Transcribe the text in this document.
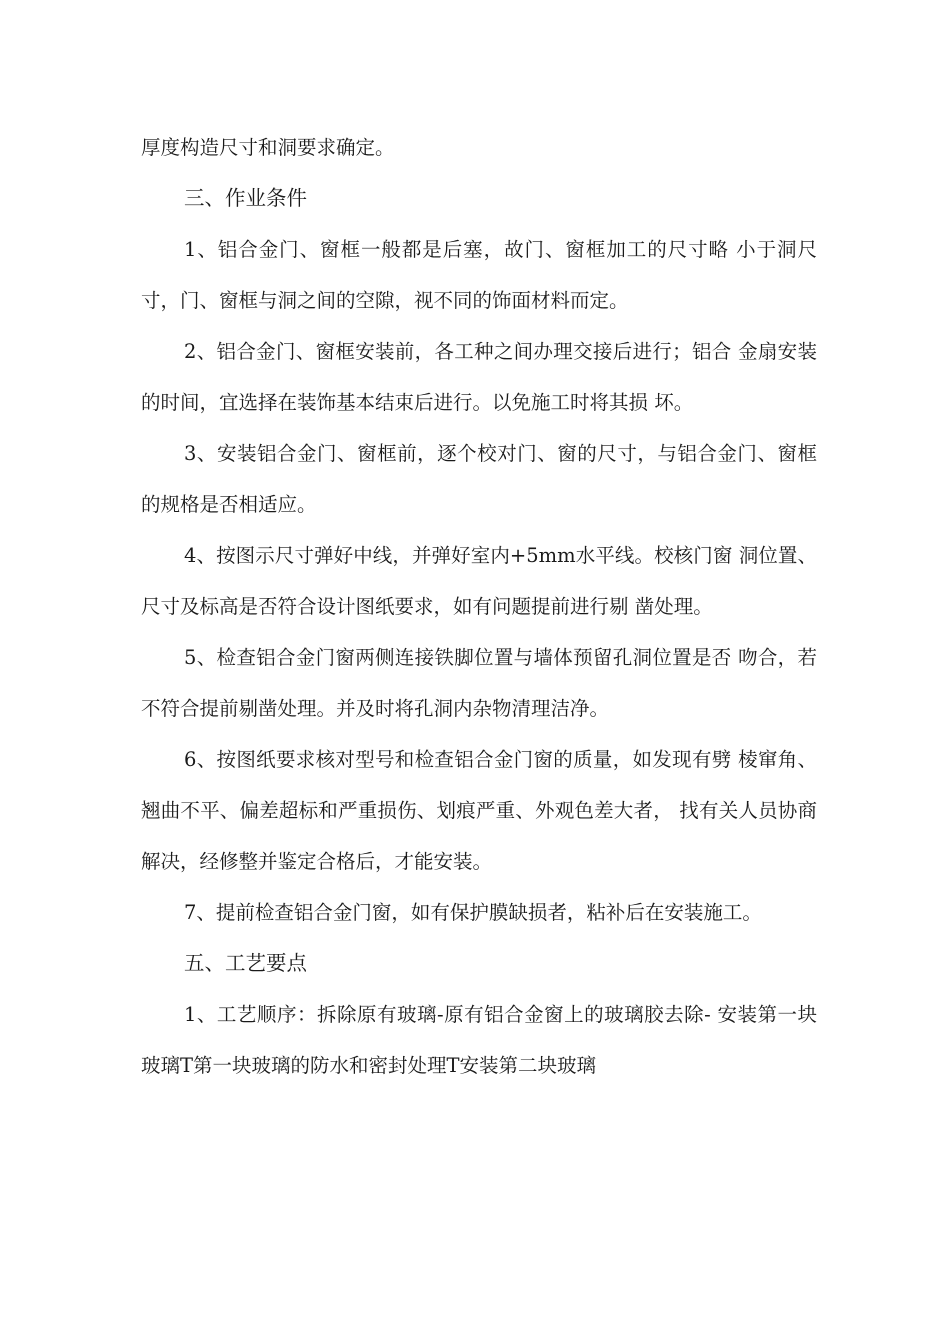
厚度构造尺寸和洞要求确定。

三、作业条件

1、铝合金门、窗框一般都是后塞，故门、窗框加工的尺寸略 小于洞尺寸，门、窗框与洞之间的空隙，视不同的饰面材料而定。

2、铝合金门、窗框安装前，各工种之间办理交接后进行；铝合 金扇安装的时间，宜选择在装饰基本结束后进行。以免施工时将其损 坏。

3、安装铝合金门、窗框前，逐个校对门、窗的尺寸，与铝合金门、窗框的规格是否相适应。

4、按图示尺寸弹好中线，并弹好室内+5mm水平线。校核门窗 洞位置、尺寸及标高是否符合设计图纸要求，如有问题提前进行剔 凿处理。

5、检查铝合金门窗两侧连接铁脚位置与墙体预留孔洞位置是否 吻合，若不符合提前剔凿处理。并及时将孔洞内杂物清理洁净。

6、按图纸要求核对型号和检查铝合金门窗的质量，如发现有劈 棱窜角、翘曲不平、偏差超标和严重损伤、划痕严重、外观色差大者， 找有关人员协商解决，经修整并鉴定合格后，才能安装。

7、提前检查铝合金门窗，如有保护膜缺损者，粘补后在安装施工。

五、工艺要点

1、工艺顺序：拆除原有玻璃-原有铝合金窗上的玻璃胶去除- 安装第一块玻璃T第一块玻璃的防水和密封处理T安装第二块玻璃
